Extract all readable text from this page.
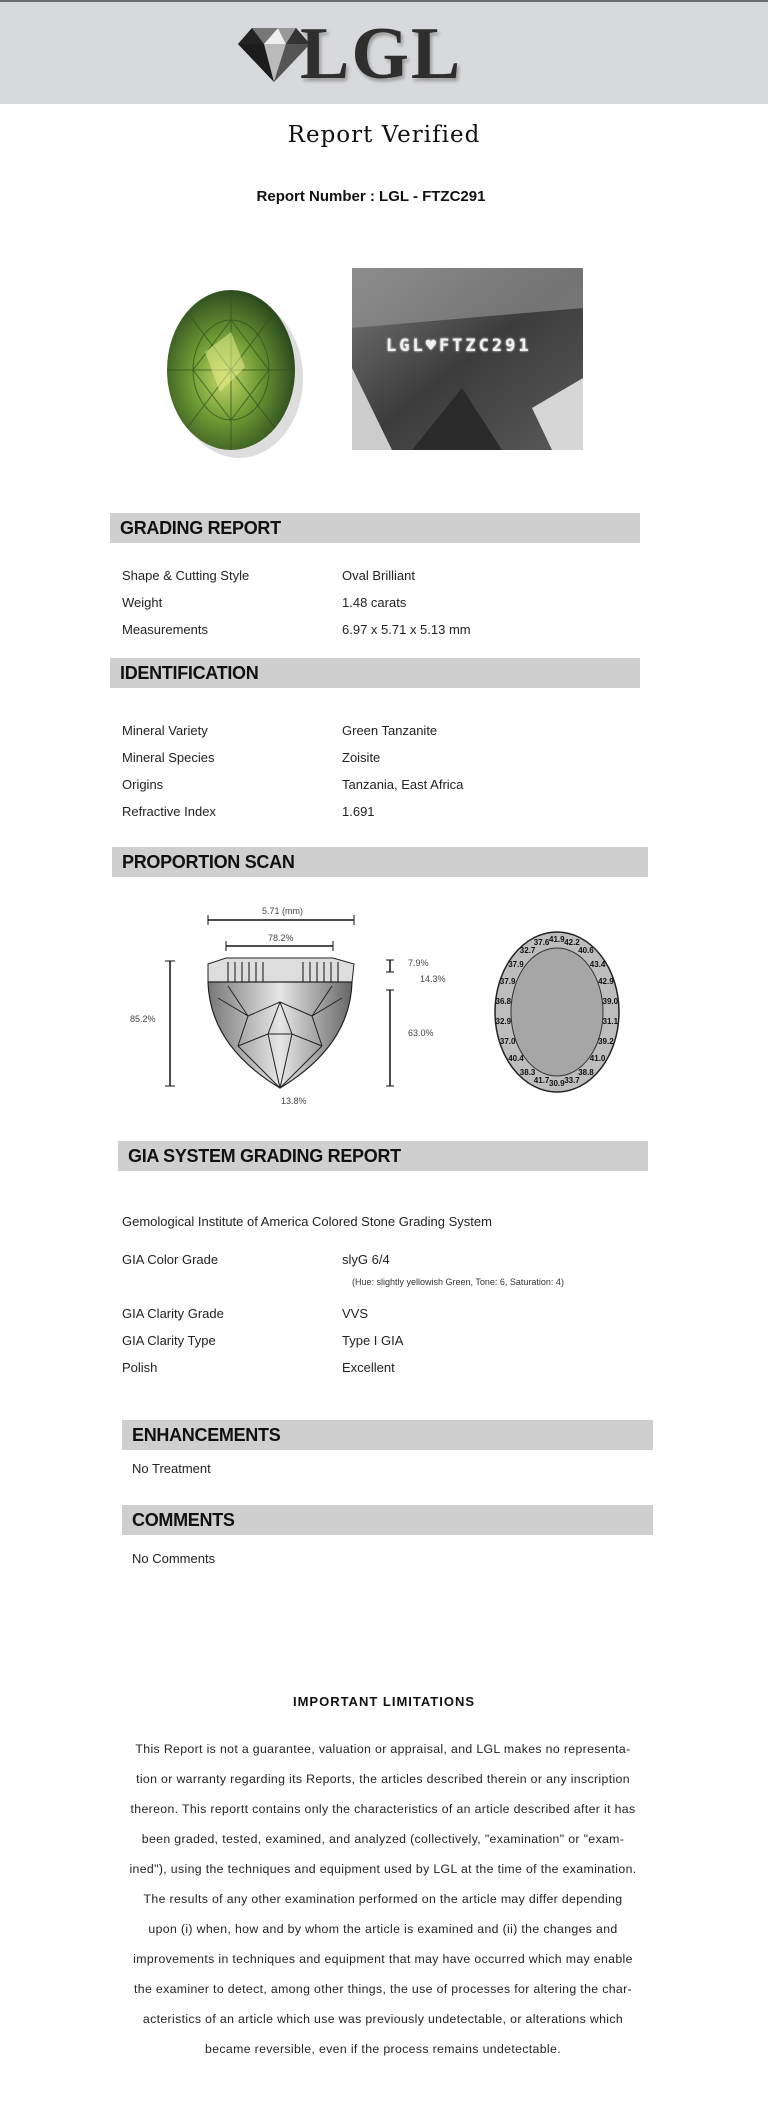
LGL
Report Verified
Report Number : LGL - FTZC291
LGL♥FTZC291
GRADING REPORT
Shape & Cutting Style	Oval Brilliant
Weight	1.48 carats
Measurements	6.97 x 5.71 x 5.13 mm
IDENTIFICATION
Mineral Variety	Green Tanzanite
Mineral Species	Zoisite
Origins	Tanzania, East Africa
Refractive Index	1.691
PROPORTION SCAN
5.71 (mm)
78.2%
85.2%
7.9%
14.3%
63.0%
13.8%
41.9 42.2
40.6
43.4
42.9
39.0
31.1
39.2
41.0
38.8
33.7
30.9
41.7
38.3
40.4
37.0
32.9
36.8
37.9
37.9
32.7
37.6
GIA SYSTEM GRADING REPORT
Gemological Institute of America Colored Stone Grading System
GIA Color Grade	slyG 6/4
(Hue: slightly yellowish Green, Tone: 6, Saturation: 4)
GIA Clarity Grade	VVS
GIA Clarity Type	Type I GIA
Polish	Excellent
ENHANCEMENTS
No Treatment
COMMENTS
No Comments
IMPORTANT LIMITATIONS
This Report is not a guarantee, valuation or appraisal, and LGL makes no representa-
tion or warranty regarding its Reports, the articles described therein or any inscription
thereon. This reportt contains only the characteristics of an article described after it has
been graded, tested, examined, and analyzed (collectively, "examination" or "exam-
ined"), using the techniques and equipment used by LGL at the time of the examination.
The results of any other examination performed on the article may differ depending
upon (i) when, how and by whom the article is examined and (ii) the changes and
improvements in techniques and equipment that may have occurred which may enable
the examiner to detect, among other things, the use of processes for altering the char-
acteristics of an article which use was previously undetectable, or alterations which
became reversible, even if the process remains undetectable.
